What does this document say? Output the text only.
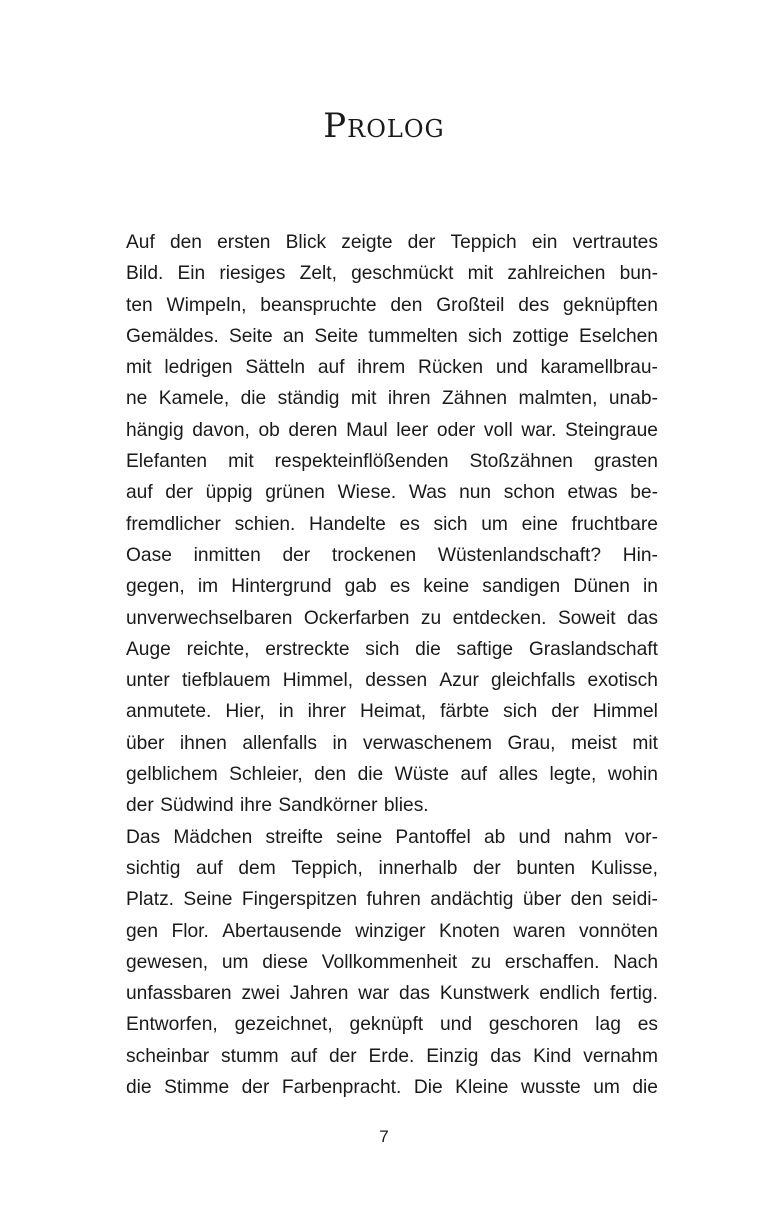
Prolog
Auf den ersten Blick zeigte der Teppich ein vertrautes
Bild. Ein riesiges Zelt, geschmückt mit zahlreichen bun-
ten Wimpeln, beanspruchte den Großteil des geknüpften
Gemäldes. Seite an Seite tummelten sich zottige Eselchen
mit ledrigen Sätteln auf ihrem Rücken und karamellbrau-
ne Kamele, die ständig mit ihren Zähnen malmten, unab-
hängig davon, ob deren Maul leer oder voll war. Steingraue
Elefanten mit respekteinflößenden Stoßzähnen grasten
auf der üppig grünen Wiese. Was nun schon etwas be-
fremdlicher schien. Handelte es sich um eine fruchtbare
Oase inmitten der trockenen Wüstenlandschaft? Hin-
gegen, im Hintergrund gab es keine sandigen Dünen in
unverwechselbaren Ockerfarben zu entdecken. Soweit das
Auge reichte, erstreckte sich die saftige Graslandschaft
unter tiefblauem Himmel, dessen Azur gleichfalls exotisch
anmutete. Hier, in ihrer Heimat, färbte sich der Himmel
über ihnen allenfalls in verwaschenem Grau, meist mit
gelblichem Schleier, den die Wüste auf alles legte, wohin
der Südwind ihre Sandkörner blies.
Das Mädchen streifte seine Pantoffel ab und nahm vor-
sichtig auf dem Teppich, innerhalb der bunten Kulisse,
Platz. Seine Fingerspitzen fuhren andächtig über den seidi-
gen Flor. Abertausende winziger Knoten waren vonnöten
gewesen, um diese Vollkommenheit zu erschaffen. Nach
unfassbaren zwei Jahren war das Kunstwerk endlich fertig.
Entworfen, gezeichnet, geknüpft und geschoren lag es
scheinbar stumm auf der Erde. Einzig das Kind vernahm
die Stimme der Farbenpracht. Die Kleine wusste um die
7
